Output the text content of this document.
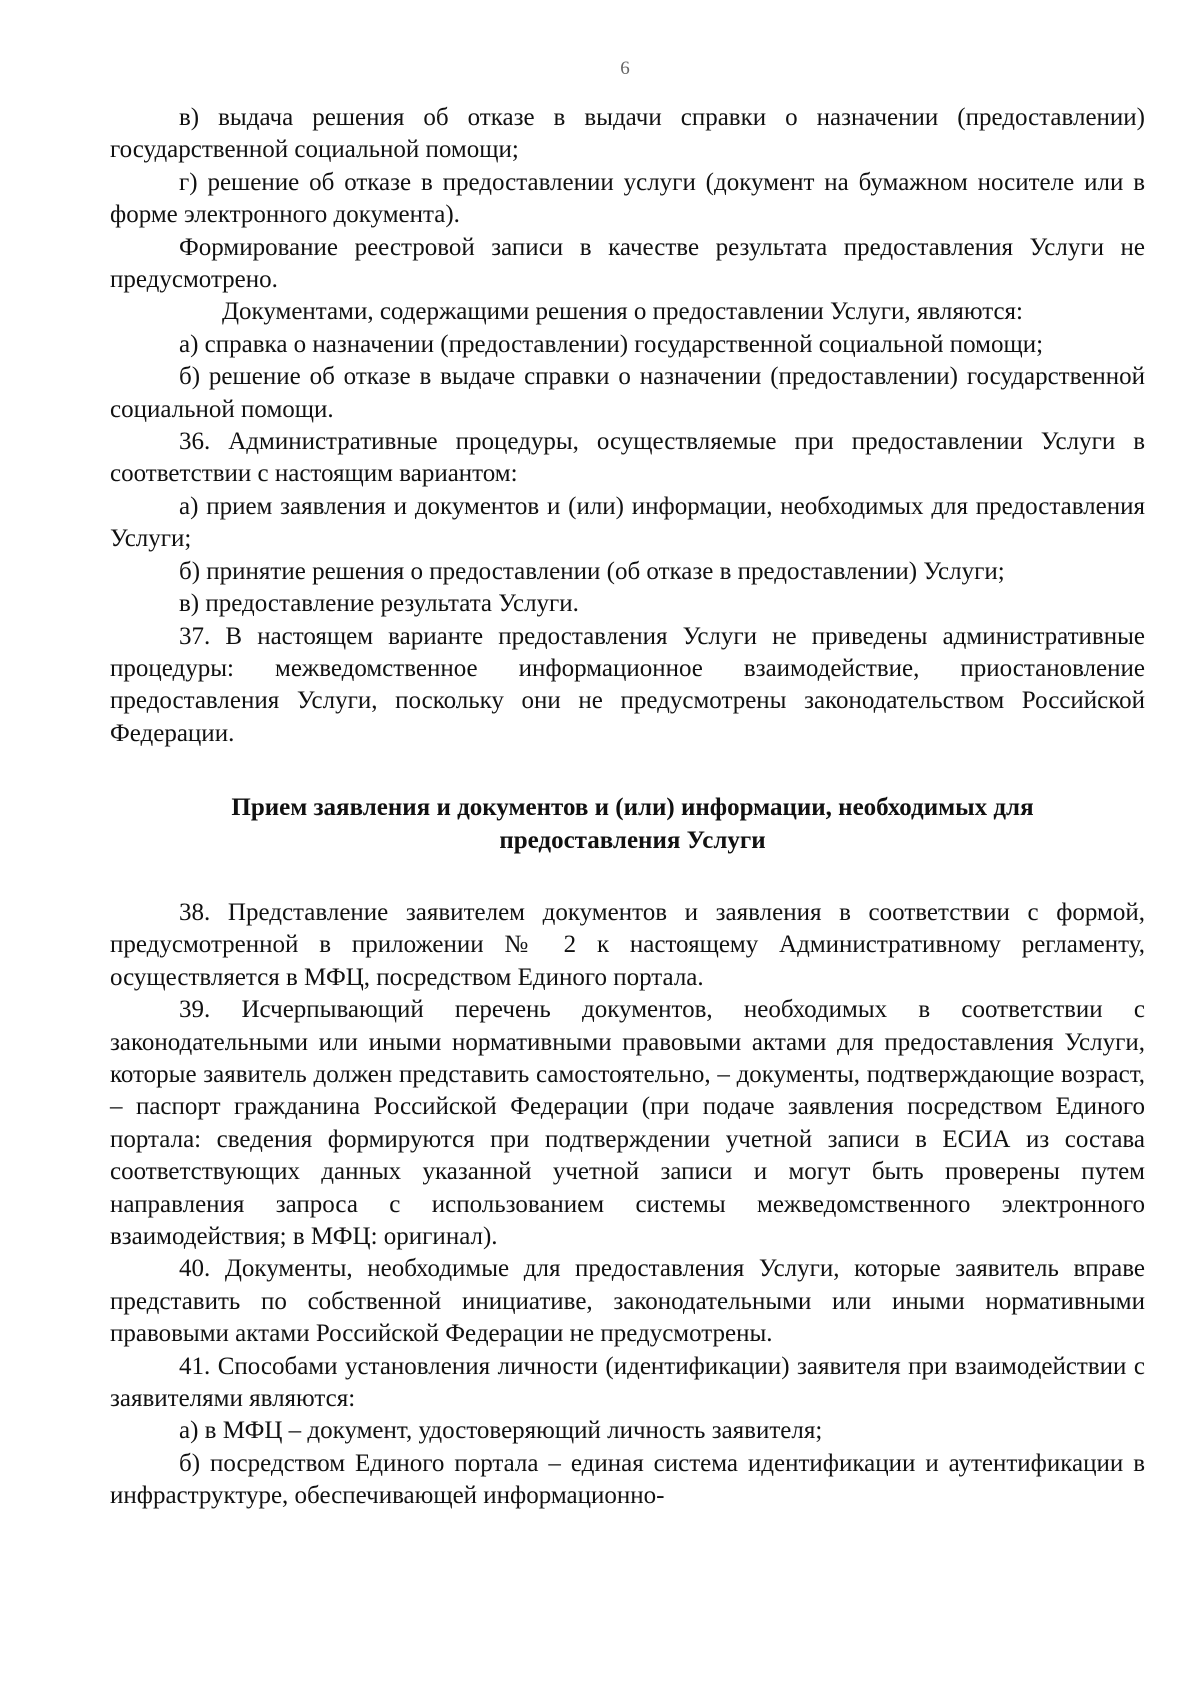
6

в) выдача решения об отказе в выдачи справки о назначении (предоставлении) государственной социальной помощи;

г) решение об отказе в предоставлении услуги (документ на бумажном носителе или в форме электронного документа).

Формирование реестровой записи в качестве результата предоставления Услуги не предусмотрено.

Документами, содержащими решения о предоставлении Услуги, являются:

а) справка о назначении (предоставлении) государственной социальной помощи;

б) решение об отказе в выдаче справки о назначении (предоставлении) государственной социальной помощи.

36. Административные процедуры, осуществляемые при предоставлении Услуги в соответствии с настоящим вариантом:

а) прием заявления и документов и (или) информации, необходимых для предоставления Услуги;

б) принятие решения о предоставлении (об отказе в предоставлении) Услуги;

в) предоставление результата Услуги.

37. В настоящем варианте предоставления Услуги не приведены административные процедуры: межведомственное информационное взаимодействие, приостановление предоставления Услуги, поскольку они не предусмотрены законодательством Российской Федерации.

Прием заявления и документов и (или) информации, необходимых для предоставления Услуги

38. Представление заявителем документов и заявления в соответствии с формой, предусмотренной в приложении № 2 к настоящему Административному регламенту, осуществляется в МФЦ, посредством Единого портала.

39. Исчерпывающий перечень документов, необходимых в соответствии с законодательными или иными нормативными правовыми актами для предоставления Услуги, которые заявитель должен представить самостоятельно, – документы, подтверждающие возраст, – паспорт гражданина Российской Федерации (при подаче заявления посредством Единого портала: сведения формируются при подтверждении учетной записи в ЕСИА из состава соответствующих данных указанной учетной записи и могут быть проверены путем направления запроса с использованием системы межведомственного электронного взаимодействия; в МФЦ: оригинал).

40. Документы, необходимые для предоставления Услуги, которые заявитель вправе представить по собственной инициативе, законодательными или иными нормативными правовыми актами Российской Федерации не предусмотрены.

41. Способами установления личности (идентификации) заявителя при взаимодействии с заявителями являются:

а) в МФЦ – документ, удостоверяющий личность заявителя;

б) посредством Единого портала – единая система идентификации и аутентификации в инфраструктуре, обеспечивающей информационно-
